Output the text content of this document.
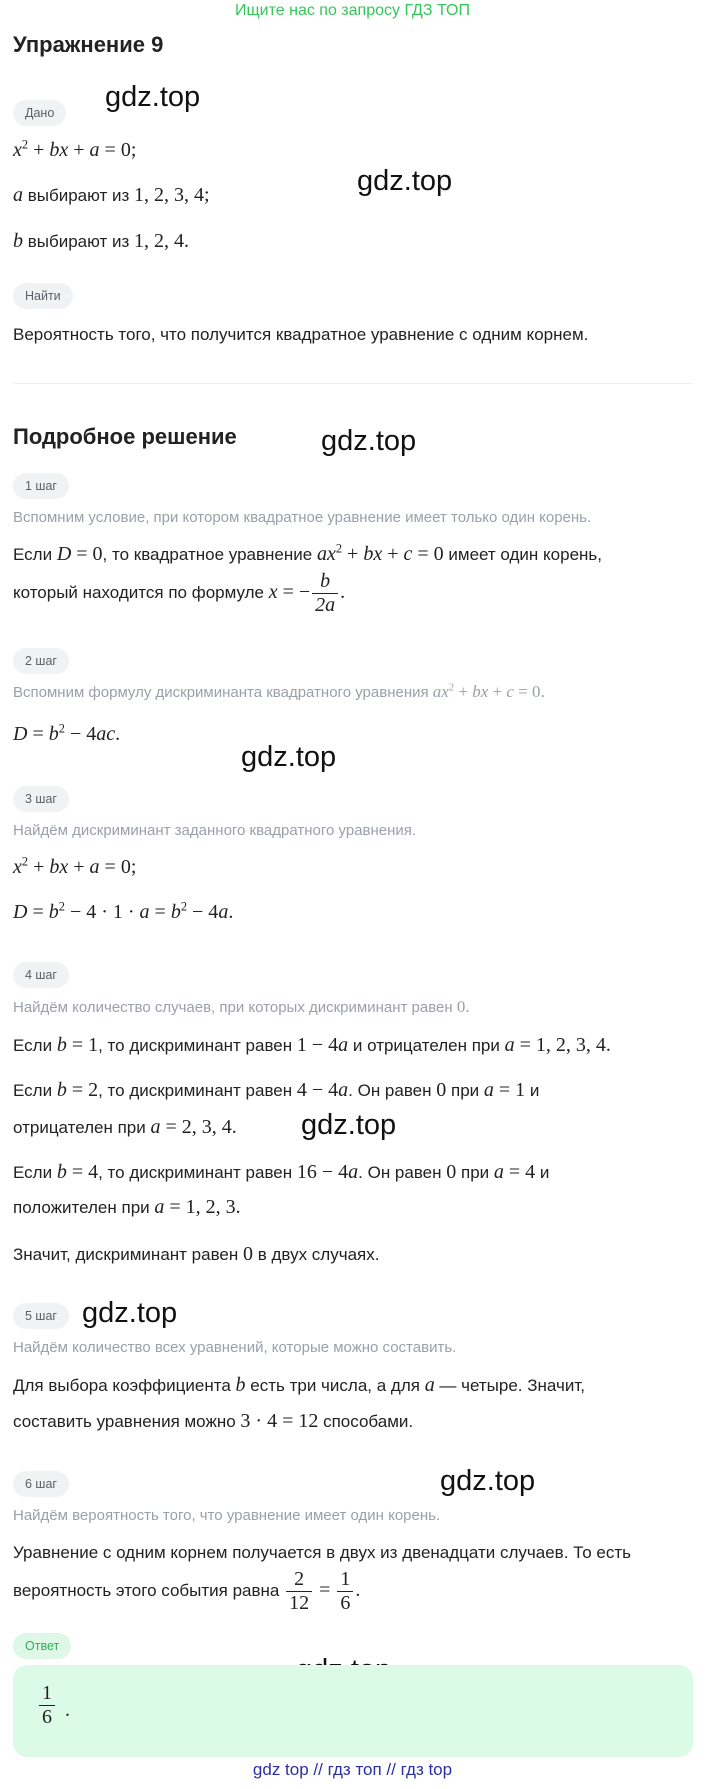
Ищите нас по запросу ГДЗ ТОП
Упражнение 9
gdz.top
gdz.top
gdz.top
gdz.top
gdz.top
gdz.top
gdz.top
Дано
$x^2$ + bx + a = 0;
a выбирают из 1, 2, 3, 4;
b выбирают из 1, 2, 4.
Найти
Вероятность того, что получится квадратное уравнение с одним корнем.
Подробное решение
1 шаг
Вспомним условие, при котором квадратное уравнение имеет только один корень.
Если D = 0, то квадратное уравнение $ax^2$ + bx + c = 0 имеет один корень,
который находится по формуле x = − $\frac{b}{2a}$ .
2 шаг
Вспомним формулу дискриминанта квадратного уравнения $ax^2$ + bx + c = 0.
$D = b^2 - 4ac$.
3 шаг
Найдём дискриминант заданного квадратного уравнения.
$x^2$ + bx + a = 0;
$D = b^2 - 4 \cdot 1 \cdot a = b^2 - 4a$.
4 шаг
Найдём количество случаев, при которых дискриминант равен 0.
Если b = 1, то дискриминант равен 1 − 4a и отрицателен при a = 1, 2, 3, 4.
Если b = 2, то дискриминант равен 4 − 4a. Он равен 0 при a = 1 и
отрицателен при a = 2, 3, 4.
Если b = 4, то дискриминант равен 16 − 4a. Он равен 0 при a = 4 и
положителен при a = 1, 2, 3.
Значит, дискриминант равен 0 в двух случаях.
5 шаг
Найдём количество всех уравнений, которые можно составить.
Для выбора коэффициента b есть три числа, а для a — четыре. Значит,
составить уравнения можно 3 · 4 = 12 способами.
6 шаг
Найдём вероятность того, что уравнение имеет один корень.
Уравнение с одним корнем получается в двух из двенадцати случаев. То есть
вероятность этого события равна $\frac{2}{12} = \frac{1}{6}$ .
Ответ
$\frac{1}{6}$ .
gdz top // гдз топ // гдз top
